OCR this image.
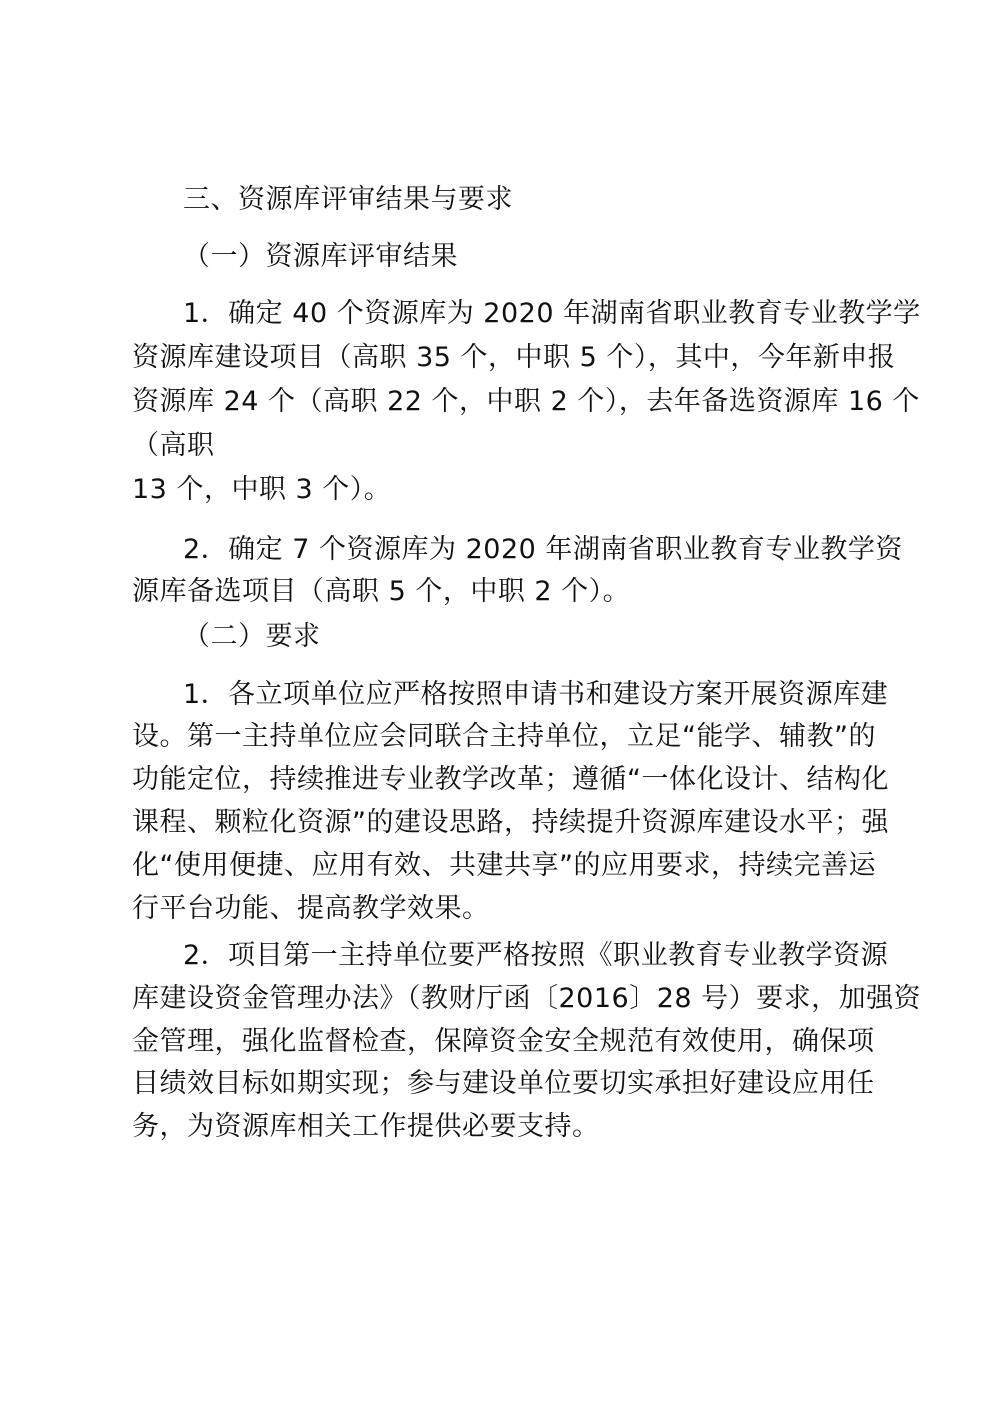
三、资源库评审结果与要求

（一）资源库评审结果

1．确定 40 个资源库为 2020 年湖南省职业教育专业教学学

资源库建设项目（高职 35 个，中职 5 个），其中，今年新申报

资源库 24 个（高职 22 个，中职 2 个），去年备选资源库 16 个

（高职

13 个，中职 3 个）。

2．确定 7 个资源库为 2020 年湖南省职业教育专业教学资

源库备选项目（高职 5 个，中职 2 个）。

（二）要求

1．各立项单位应严格按照申请书和建设方案开展资源库建

设。第一主持单位应会同联合主持单位，立足“能学、辅教”的

功能定位，持续推进专业教学改革；遵循“一体化设计、结构化

课程、颗粒化资源”的建设思路，持续提升资源库建设水平；强

化“使用便捷、应用有效、共建共享”的应用要求，持续完善运

行平台功能、提高教学效果。

2．项目第一主持单位要严格按照《职业教育专业教学资源

库建设资金管理办法》（教财厅函〔2016〕28 号）要求，加强资

金管理，强化监督检查，保障资金安全规范有效使用，确保项

目绩效目标如期实现；参与建设单位要切实承担好建设应用任

务，为资源库相关工作提供必要支持。
